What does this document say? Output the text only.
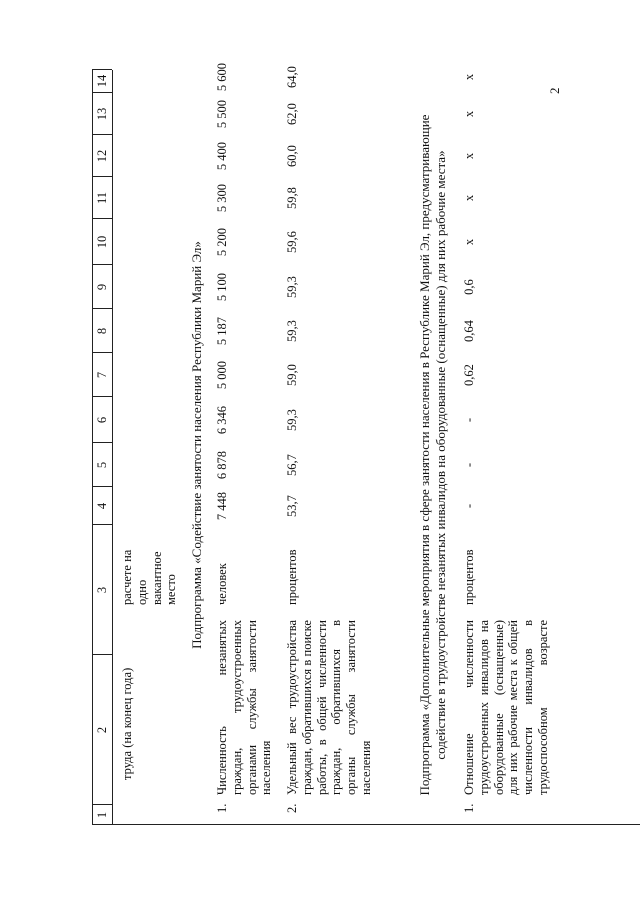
2
1
2
3
4
5
6
7
8
9
10
11
12
13
14
труда (на конец года)
расчете на одно вакантное место Подпрограмма «Содействие занятости населения Республики Марий Эл»
1.
Численность незанятых граждан, трудоустроенных органами службы занятости населения
человек
7 448
6 878
6 346
5 000
5 187
5 100
5 200
5 300
5 400
5 500
5 600
2.
Удельный вес трудоустройства граждан, обратившихся в поиске работы, в общей численности граждан, обратившихся в органы службы занятости населения
процентов
53,7
56,7
59,3
59,0
59,3
59,3
59,6
59,8
60,0
62,0
64,0
Подпрограмма «Дополнительные мероприятия в сфере занятости населения в Республике Марий Эл, предусматривающие содействие в трудоустройстве незанятых инвалидов на оборудованные (оснащенные) для них рабочие места»
1.
Отношение численности трудоустроенных инвалидов на оборудованные (оснащенные) для них рабочие места к общей численности инвалидов в трудоспособном возрасте
процентов
-
-
-
0,62
0,64
0,6
х
х
х
х
х
